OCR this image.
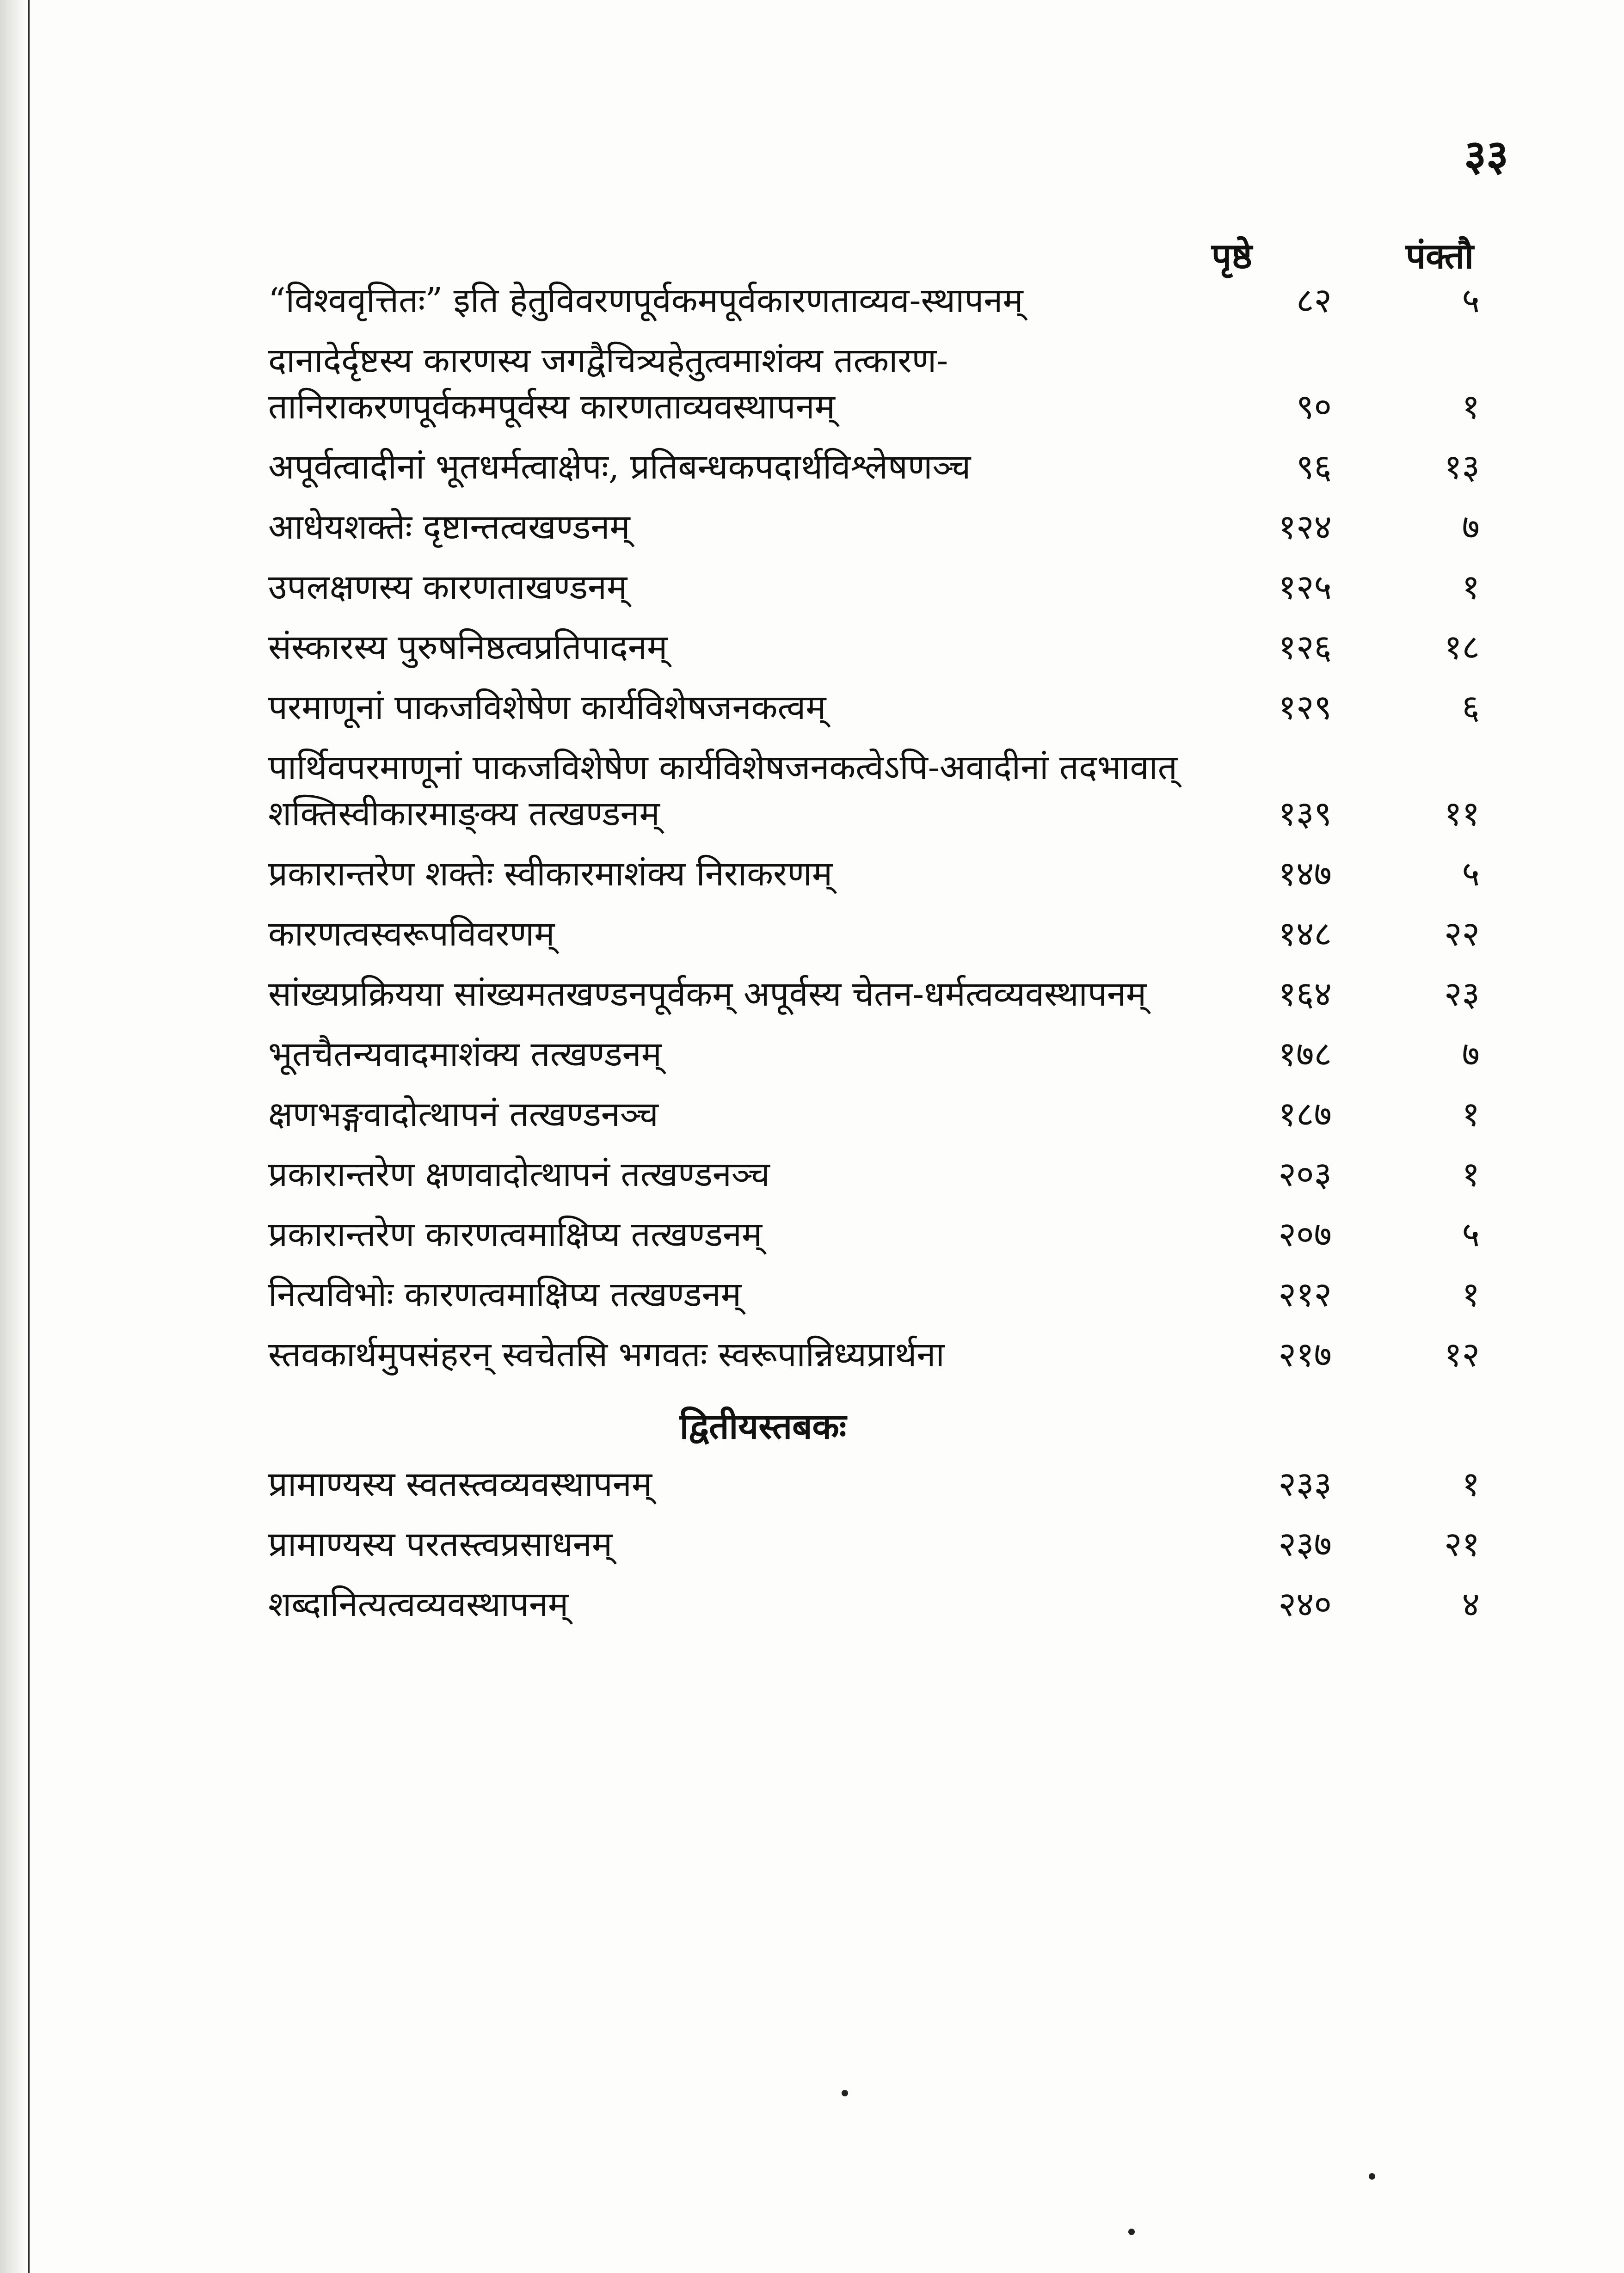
३३
पृष्ठे	पंक्तौ
“विश्ववृत्तितः” इति हेतुविवरणपूर्वकमपूर्वकारणताव्यव-स्थापनम्	८२	५
दानादेर्दृष्टस्य कारणस्य जगद्वैचित्र्यहेतुत्वमाशंक्य तत्कारण-तानिराकरणपूर्वकमपूर्वस्य कारणताव्यवस्थापनम्	९०	१
अपूर्वत्वादीनां भूतधर्मत्वाक्षेपः, प्रतिबन्धकपदार्थविश्लेषणञ्च	९६	१३
आधेयशक्तेः दृष्टान्तत्वखण्डनम्	१२४	७
उपलक्षणस्य कारणताखण्डनम्	१२५	१
संस्कारस्य पुरुषनिष्ठत्वप्रतिपादनम्	१२६	१८
परमाणूनां पाकजविशेषेण कार्यविशेषजनकत्वम्	१२९	६
पार्थिवपरमाणूनां पाकजविशेषेण कार्यविशेषजनकत्वेऽपि-अवादीनां तदभावात् शक्तिस्वीकारमाङ्क्य तत्खण्डनम्	१३९	११
प्रकारान्तरेण शक्तेः स्वीकारमाशंक्य निराकरणम्	१४७	५
कारणत्वस्वरूपविवरणम्	१४८	२२
सांख्यप्रक्रियया सांख्यमतखण्डनपूर्वकम् अपूर्वस्य चेतन-धर्मत्वव्यवस्थापनम्	१६४	२३
भूतचैतन्यवादमाशंक्य तत्खण्डनम्	१७८	७
क्षणभङ्गवादोत्थापनं तत्खण्डनञ्च	१८७	१
प्रकारान्तरेण क्षणवादोत्थापनं तत्खण्डनञ्च	२०३	१
प्रकारान्तरेण कारणत्वमाक्षिप्य तत्खण्डनम्	२०७	५
नित्यविभोः कारणत्वमाक्षिप्य तत्खण्डनम्	२१२	१
स्तवकार्थमुपसंहरन् स्वचेतसि भगवतः स्वरूपान्निध्यप्रार्थना	२१७	१२
द्वितीयस्तबकः
प्रामाण्यस्य स्वतस्त्वव्यवस्थापनम्	२३३	१
प्रामाण्यस्य परतस्त्वप्रसाधनम्	२३७	२१
शब्दानित्यत्वव्यवस्थापनम्	२४०	४
